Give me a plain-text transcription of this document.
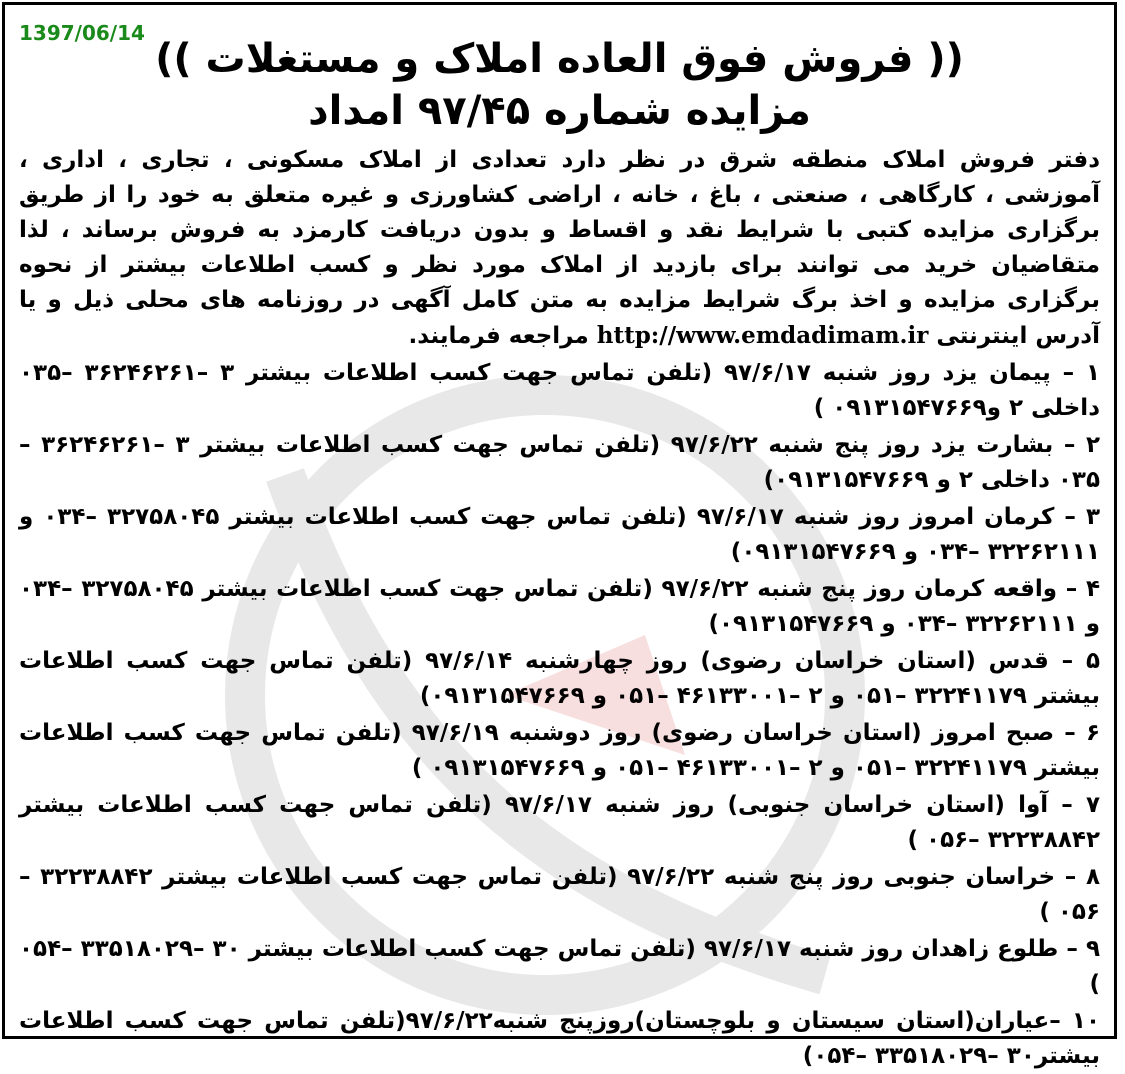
1397/06/14
(( فروش فوق العاده املاک و مستغلات ))
مزایده شماره ۹۷/۴۵ امداد
دفتر فروش املاک منطقه شرق در نظر دارد تعدادی از املاک مسکونی ، تجاری ، اداری ، آموزشی ، کارگاهی ، صنعتی ، باغ ، خانه ، اراضی کشاورزی و غیره متعلق به خود را از طریق برگزاری مزایده کتبی با شرایط نقد و اقساط و بدون دریافت کارمزد به فروش برساند ، لذا متقاضیان خرید می توانند برای بازدید از املاک مورد نظر و کسب اطلاعات بیشتر از نحوه برگزاری مزایده و اخذ برگ شرایط مزایده به متن کامل آگهی در روزنامه های محلی ذیل و یا آدرس اینترنتی http://www.emdadimam.ir مراجعه فرمایند.
۱ – پیمان یزد روز شنبه ۹۷/۶/۱۷ (تلفن تماس جهت کسب اطلاعات بیشتر ۳ –۳۶۲۴۶۲۶۱ –۰۳۵ داخلی ۲ و۰۹۱۳۱۵۴۷۶۶۹ )
۲ – بشارت یزد روز پنج شنبه ۹۷/۶/۲۲ (تلفن تماس جهت کسب اطلاعات بیشتر ۳ –۳۶۲۴۶۲۶۱ –۰۳۵ داخلی ۲ و ۰۹۱۳۱۵۴۷۶۶۹)
۳ – کرمان امروز روز شنبه ۹۷/۶/۱۷ (تلفن تماس جهت کسب اطلاعات بیشتر ۳۲۷۵۸۰۴۵ –۰۳۴ و ۳۲۲۶۲۱۱۱ –۰۳۴ و ۰۹۱۳۱۵۴۷۶۶۹)
۴ – واقعه کرمان روز پنج شنبه ۹۷/۶/۲۲ (تلفن تماس جهت کسب اطلاعات بیشتر ۳۲۷۵۸۰۴۵ –۰۳۴ و ۳۲۲۶۲۱۱۱ –۰۳۴ و ۰۹۱۳۱۵۴۷۶۶۹)
۵ – قدس (استان خراسان رضوی) روز چهارشنبه ۹۷/۶/۱۴ (تلفن تماس جهت کسب اطلاعات بیشتر ۳۲۲۴۱۱۷۹ –۰۵۱ و ۲ –۴۶۱۳۳۰۰۱ –۰۵۱ و ۰۹۱۳۱۵۴۷۶۶۹)
۶ – صبح امروز (استان خراسان رضوی) روز دوشنبه ۹۷/۶/۱۹ (تلفن تماس جهت کسب اطلاعات بیشتر ۳۲۲۴۱۱۷۹ –۰۵۱ و ۲ –۴۶۱۳۳۰۰۱ –۰۵۱ و ۰۹۱۳۱۵۴۷۶۶۹ )
۷ – آوا (استان خراسان جنوبی) روز شنبه ۹۷/۶/۱۷ (تلفن تماس جهت کسب اطلاعات بیشتر ۳۲۲۳۸۸۴۲ –۰۵۶ )
۸ – خراسان جنوبی روز پنج شنبه ۹۷/۶/۲۲ (تلفن تماس جهت کسب اطلاعات بیشتر ۳۲۲۳۸۸۴۲ –۰۵۶ )
۹ – طلوع زاهدان روز شنبه ۹۷/۶/۱۷ (تلفن تماس جهت کسب اطلاعات بیشتر ۳۰ –۳۳۵۱۸۰۲۹ –۰۵۴ )
۱۰ –عیاران(استان سیستان و بلوچستان)روزپنج شنبه۹۷/۶/۲۲(تلفن تماس جهت کسب اطلاعات بیشتر۳۰ –۳۳۵۱۸۰۲۹ –۰۵۴)
